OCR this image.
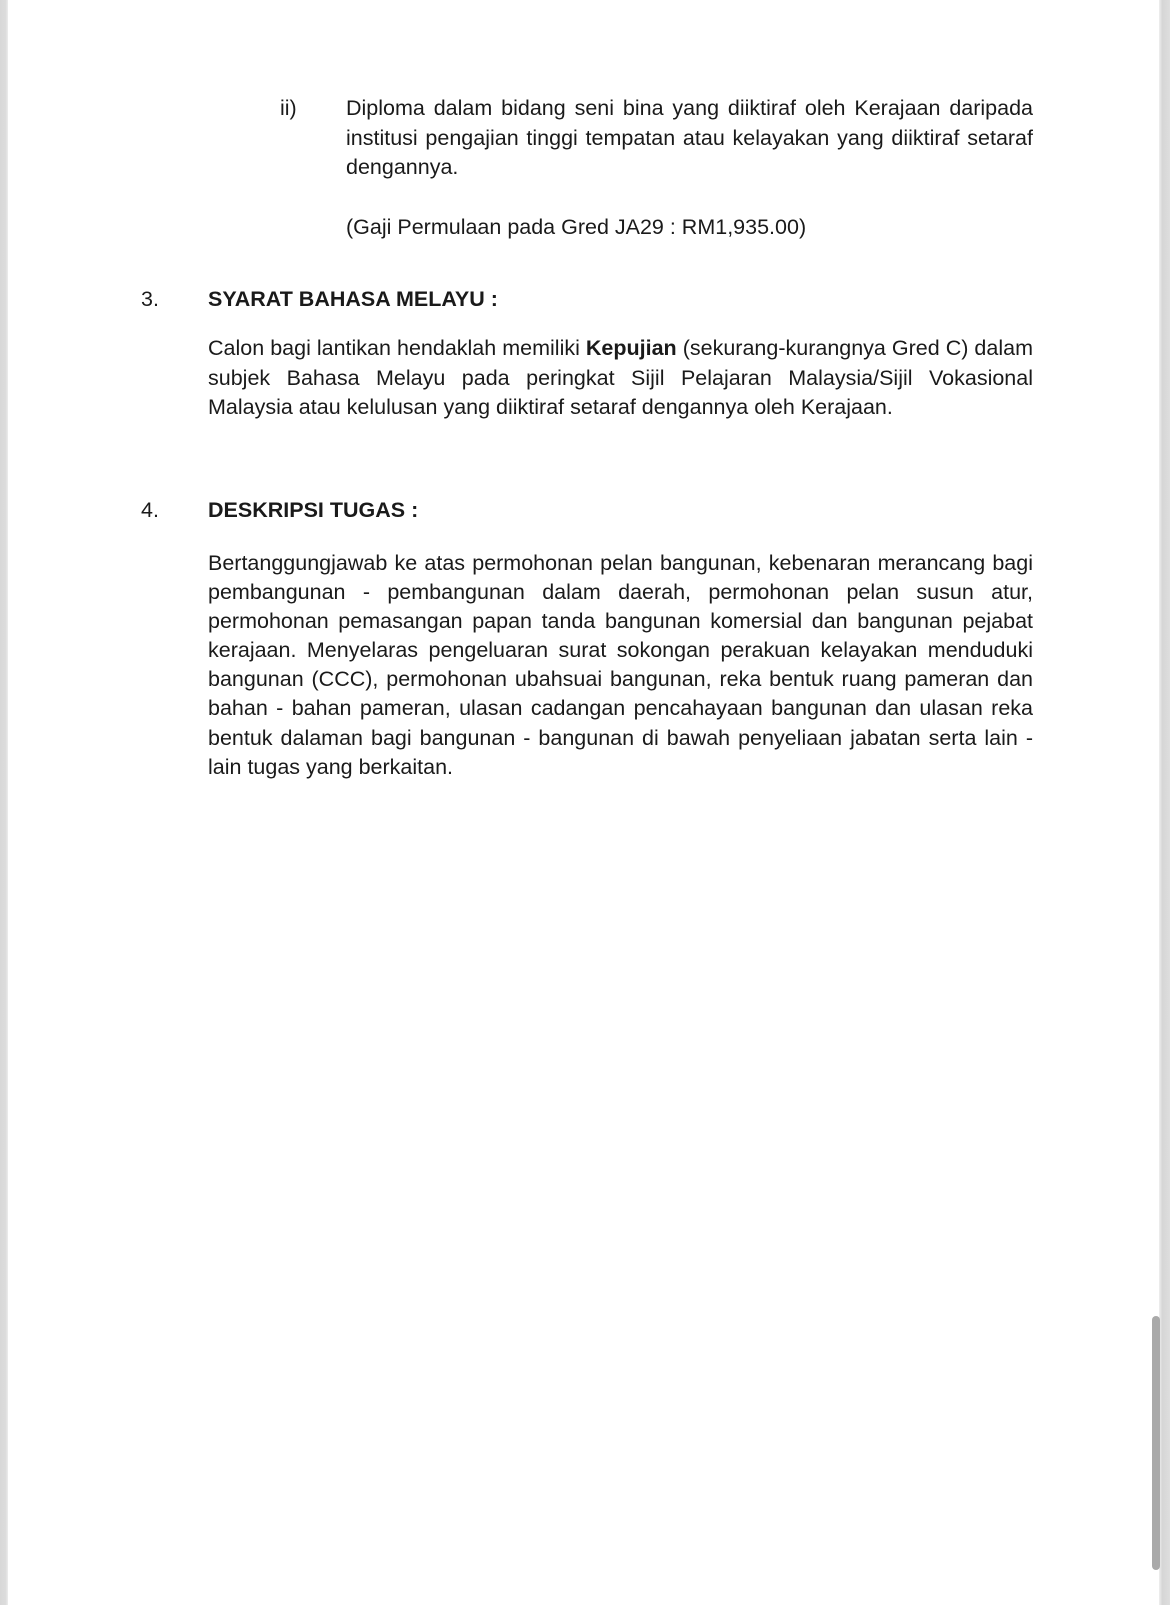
ii) Diploma dalam bidang seni bina yang diiktiraf oleh Kerajaan daripada institusi pengajian tinggi tempatan atau kelayakan yang diiktiraf setaraf dengannya.

(Gaji Permulaan pada Gred JA29 : RM1,935.00)

3. SYARAT BAHASA MELAYU :

Calon bagi lantikan hendaklah memiliki Kepujian (sekurang-kurangnya Gred C) dalam subjek Bahasa Melayu pada peringkat Sijil Pelajaran Malaysia/Sijil Vokasional Malaysia atau kelulusan yang diiktiraf setaraf dengannya oleh Kerajaan.

4. DESKRIPSI TUGAS :

Bertanggungjawab ke atas permohonan pelan bangunan, kebenaran merancang bagi pembangunan - pembangunan dalam daerah, permohonan pelan susun atur, permohonan pemasangan papan tanda bangunan komersial dan bangunan pejabat kerajaan. Menyelaras pengeluaran surat sokongan perakuan kelayakan menduduki bangunan (CCC), permohonan ubahsuai bangunan, reka bentuk ruang pameran dan bahan - bahan pameran, ulasan cadangan pencahayaan bangunan dan ulasan reka bentuk dalaman bagi bangunan - bangunan di bawah penyeliaan jabatan serta lain - lain tugas yang berkaitan.
